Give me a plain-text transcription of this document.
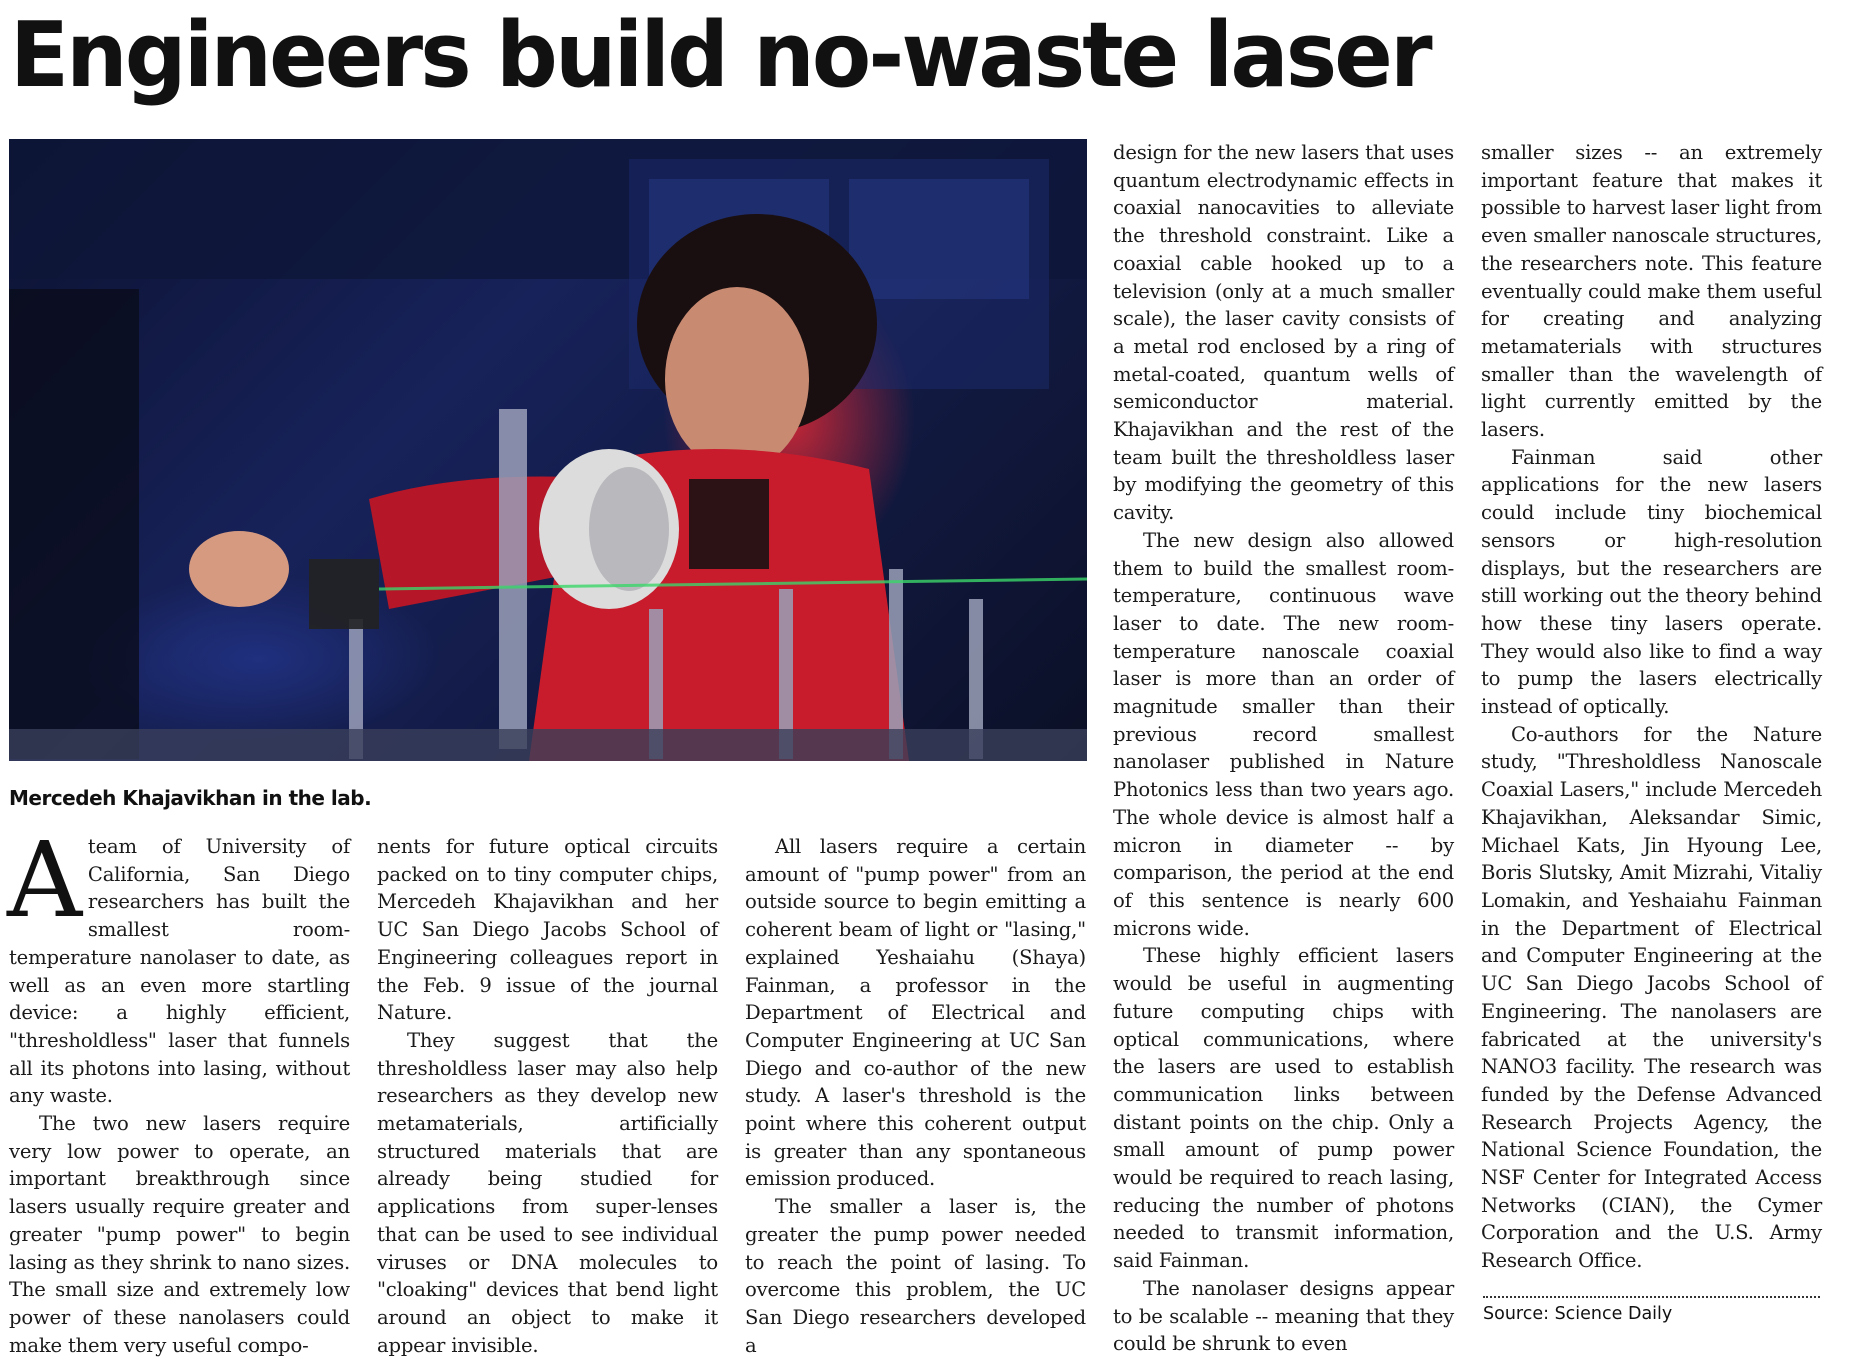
Engineers build no-waste laser

Mercedeh Khajavikhan in the lab.

Ateam of University of California, San Diego researchers has built the smallest room-temperature nanolaser to date, as well as an even more startling device: a highly efficient, "thresholdless" laser that funnels all its photons into lasing, without any waste.

The two new lasers require very low power to operate, an important breakthrough since lasers usually require greater and greater "pump power" to begin lasing as they shrink to nano sizes. The small size and extremely low power of these nanolasers could make them very useful compo-

nents for future optical circuits packed on to tiny computer chips, Mercedeh Khajavikhan and her UC San Diego Jacobs School of Engineering colleagues report in the Feb. 9 issue of the journal Nature.

They suggest that the thresholdless laser may also help researchers as they develop new metamaterials, artificially structured materials that are already being studied for applications from super-lenses that can be used to see individual viruses or DNA molecules to "cloaking" devices that bend light around an object to make it appear invisible.

All lasers require a certain amount of "pump power" from an outside source to begin emitting a coherent beam of light or "lasing," explained Yeshaiahu (Shaya) Fainman, a professor in the Department of Electrical and Computer Engineering at UC San Diego and co-author of the new study. A laser's threshold is the point where this coherent output is greater than any spontaneous emission produced.

The smaller a laser is, the greater the pump power needed to reach the point of lasing. To overcome this problem, the UC San Diego researchers developed a

design for the new lasers that uses quantum electrodynamic effects in coaxial nanocavities to alleviate the threshold constraint. Like a coaxial cable hooked up to a television (only at a much smaller scale), the laser cavity consists of a metal rod enclosed by a ring of metal-coated, quantum wells of semiconductor material. Khajavikhan and the rest of the team built the thresholdless laser by modifying the geometry of this cavity.

The new design also allowed them to build the smallest room-temperature, continuous wave laser to date. The new room-temperature nanoscale coaxial laser is more than an order of magnitude smaller than their previous record smallest nanolaser published in Nature Photonics less than two years ago. The whole device is almost half a micron in diameter -- by comparison, the period at the end of this sentence is nearly 600 microns wide.

These highly efficient lasers would be useful in augmenting future computing chips with optical communications, where the lasers are used to establish communication links between distant points on the chip. Only a small amount of pump power would be required to reach lasing, reducing the number of photons needed to transmit information, said Fainman.

The nanolaser designs appear to be scalable -- meaning that they could be shrunk to even

smaller sizes -- an extremely important feature that makes it possible to harvest laser light from even smaller nanoscale structures, the researchers note. This feature eventually could make them useful for creating and analyzing metamaterials with structures smaller than the wavelength of light currently emitted by the lasers.

Fainman said other applications for the new lasers could include tiny biochemical sensors or high-resolution displays, but the researchers are still working out the theory behind how these tiny lasers operate. They would also like to find a way to pump the lasers electrically instead of optically.

Co-authors for the Nature study, "Thresholdless Nanoscale Coaxial Lasers," include Mercedeh Khajavikhan, Aleksandar Simic, Michael Kats, Jin Hyoung Lee, Boris Slutsky, Amit Mizrahi, Vitaliy Lomakin, and Yeshaiahu Fainman in the Department of Electrical and Computer Engineering at the UC San Diego Jacobs School of Engineering. The nanolasers are fabricated at the university's NANO3 facility. The research was funded by the Defense Advanced Research Projects Agency, the National Science Foundation, the NSF Center for Integrated Access Networks (CIAN), the Cymer Corporation and the U.S. Army Research Office.

Source: Science Daily
